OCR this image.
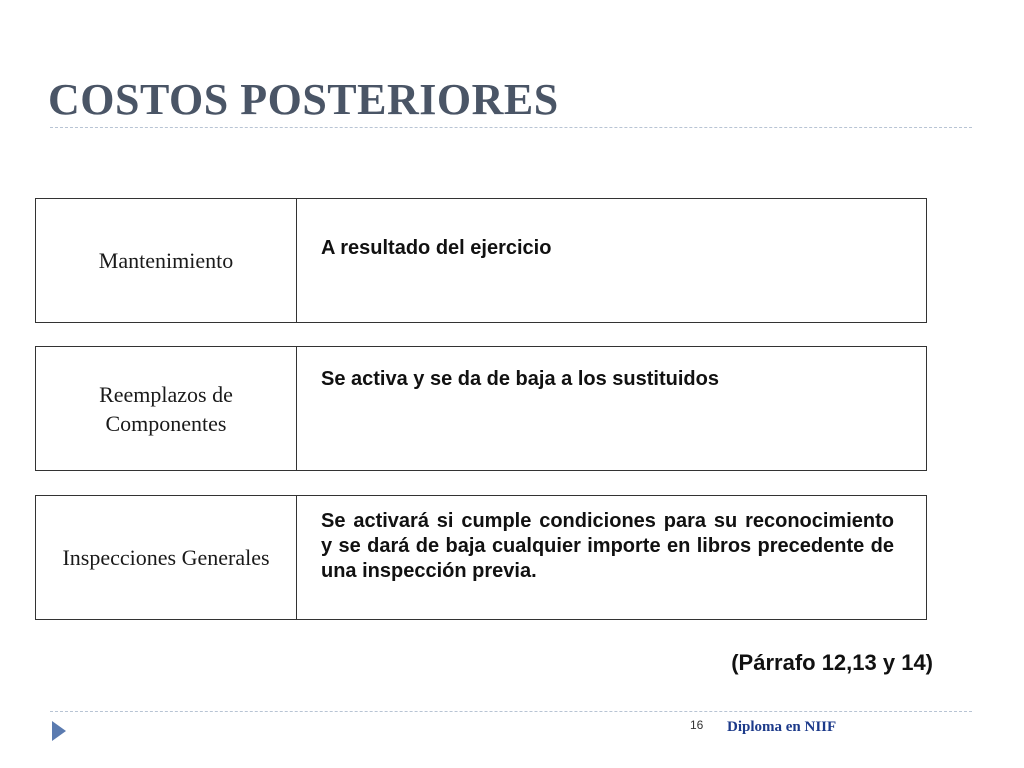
COSTOS POSTERIORES
Mantenimiento	A resultado del ejercicio
Reemplazos de Componentes
Se activa y se da de baja a los sustituidos
Inspecciones Generales
Se activará si cumple condiciones para su reconocimiento y se dará de baja cualquier importe en libros precedente de una inspección previa.
(Párrafo 12,13 y 14)
16 Diploma en NIIF
